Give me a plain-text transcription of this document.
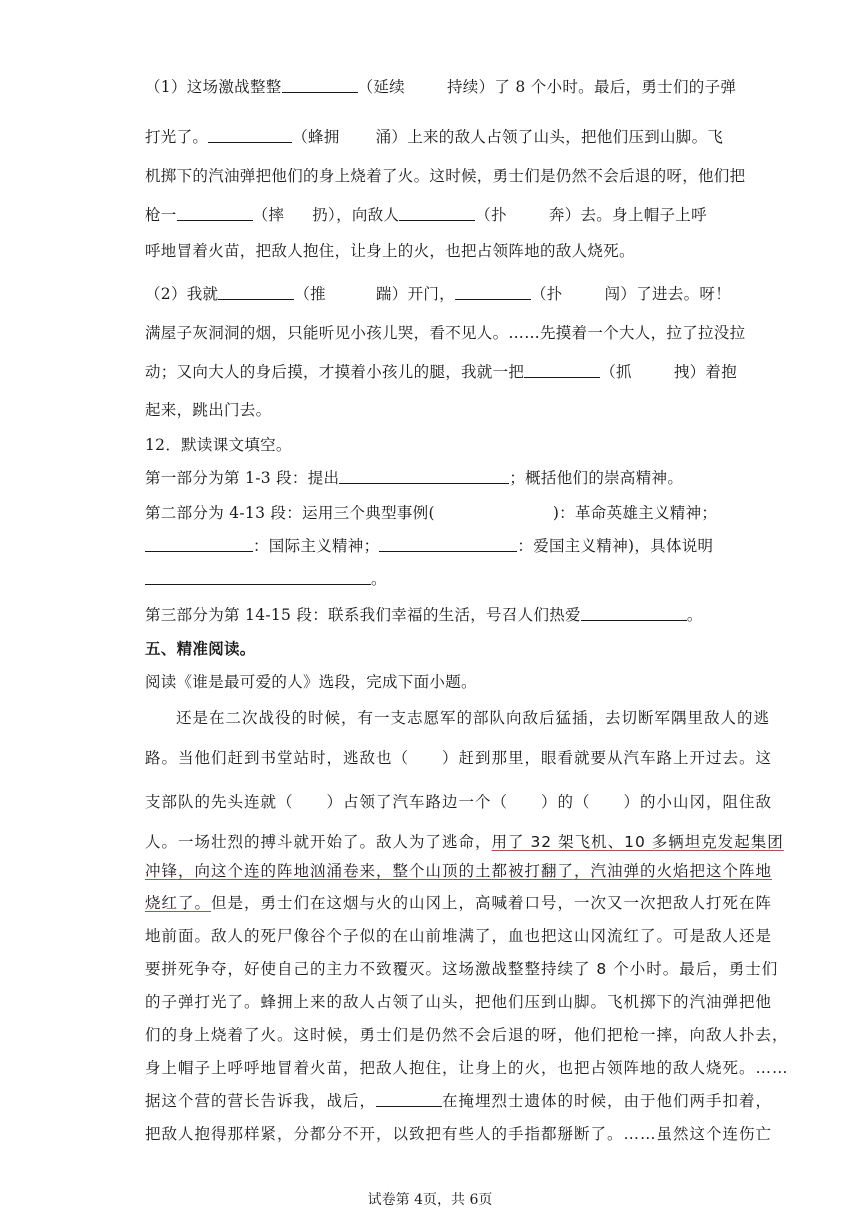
（1）这场激战整整	（延续	持续）了 8 个小时。最后，勇士们的子弹
打光了。	（蜂拥 涌）上来的敌人占领了山头，把他们压到山脚。飞
机掷下的汽油弹把他们的身上烧着了火。这时候，勇士们是仍然不会后退的呀，他们把
枪一	（摔 扔），向敌人	（扑	奔）去。身上帽子上呼
呼地冒着火苗，把敌人抱住，让身上的火，也把占领阵地的敌人烧死。
（2）我就	（推	踹）开门，	（扑	闯）了进去。呀！
满屋子灰洞洞的烟，只能听见小孩儿哭，看不见人。……先摸着一个大人，拉了拉没拉
动；又向大人的身后摸，才摸着小孩儿的腿，我就一把	（抓	拽）着抱
起来，跳出门去。
12．默读课文填空。
第一部分为第 1-3 段：提出	；概括他们的崇高精神。
第二部分为 4-13 段：运用三个典型事例(	)：革命英雄主义精神；
：国际主义精神；	：爱国主义精神)，具体说明
。
第三部分为第 14-15 段：联系我们幸福的生活，号召人们热爱	。
五、精准阅读。
阅读《谁是最可爱的人》选段，完成下面小题。
还是在二次战役的时候，有一支志愿军的部队向敌后猛插，去切断军隅里敌人的逃
路。当他们赶到书堂站时，逃敌也（　　）赶到那里，眼看就要从汽车路上开过去。这
支部队的先头连就（　　）占领了汽车路边一个（　　）的（　　）的小山冈，阻住敌
人。一场壮烈的搏斗就开始了。敌人为了逃命，用了 32 架飞机、10 多辆坦克发起集团
冲锋，向这个连的阵地汹涌卷来，整个山顶的土都被打翻了，汽油弹的火焰把这个阵地
烧红了。但是，勇士们在这烟与火的山冈上，高喊着口号，一次又一次把敌人打死在阵
地前面。敌人的死尸像谷个子似的在山前堆满了，血也把这山冈流红了。可是敌人还是
要拼死争夺，好使自己的主力不致覆灭。这场激战整整持续了 8 个小时。最后，勇士们
的子弹打光了。蜂拥上来的敌人占领了山头，把他们压到山脚。飞机掷下的汽油弹把他
们的身上烧着了火。这时候，勇士们是仍然不会后退的呀，他们把枪一摔，向敌人扑去，
身上帽子上呼呼地冒着火苗，把敌人抱住，让身上的火，也把占领阵地的敌人烧死。……
据这个营的营长告诉我，战后，	在掩埋烈士遗体的时候，由于他们两手扣着，
把敌人抱得那样紧，分都分不开，以致把有些人的手指都掰断了。……虽然这个连伤亡
试卷第 4页，共 6页
